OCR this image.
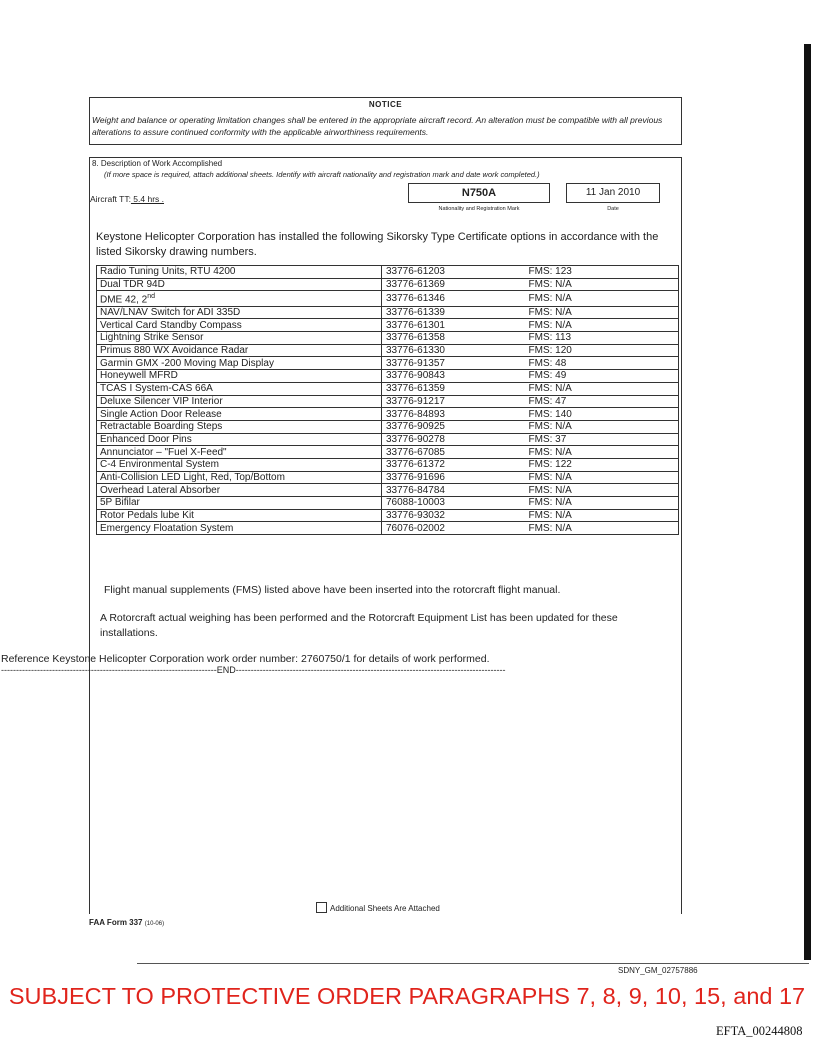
NOTICE
Weight and balance or operating limitation changes shall be entered in the appropriate aircraft record. An alteration must be compatible with all previous alterations to assure continued conformity with the applicable airworthiness requirements.
8. Description of Work Accomplished
(If more space is required, attach additional sheets. Identify with aircraft nationality and registration mark and date work completed.)
Aircraft TT: 5.4 hrs .	N750A
Nationality and Registration Mark
11 Jan 2010
Date
Keystone Helicopter Corporation has installed the following Sikorsky Type Certificate options in accordance with the listed Sikorsky drawing numbers.
Radio Tuning Units, RTU 4200	33776-61203	FMS: 123
Dual TDR 94D	33776-61369	FMS: N/A
DME 42, 2nd	33776-61346	FMS: N/A
NAV/LNAV Switch for ADI 335D	33776-61339	FMS: N/A
Vertical Card Standby Compass	33776-61301	FMS: N/A
Lightning Strike Sensor	33776-61358	FMS: 113
Primus 880 WX Avoidance Radar	33776-61330	FMS: 120
Garmin GMX -200 Moving Map Display	33776-91357	FMS: 48
Honeywell MFRD	33776-90843	FMS: 49
TCAS I System-CAS 66A	33776-61359	FMS: N/A
Deluxe Silencer VIP Interior	33776-91217	FMS: 47
Single Action Door Release	33776-84893	FMS: 140
Retractable Boarding Steps	33776-90925	FMS: N/A
Enhanced Door Pins	33776-90278	FMS: 37
Annunciator – "Fuel X-Feed"	33776-67085	FMS: N/A
C-4 Environmental System	33776-61372	FMS: 122
Anti-Collision LED Light, Red, Top/Bottom	33776-91696	FMS: N/A
Overhead Lateral Absorber	33776-84784	FMS: N/A
5P Bifilar	76088-10003	FMS: N/A
Rotor Pedals lube Kit	33776-93032	FMS: N/A
Emergency Floatation System	76076-02002	FMS: N/A
Flight manual supplements (FMS) listed above have been inserted into the rotorcraft flight manual.
A Rotorcraft actual weighing has been performed and the Rotorcraft Equipment List has been updated for these installations.
Reference Keystone Helicopter Corporation work order number: 2760750/1 for details of work performed.
------------------------------------------------------------------------END------------------------------------------------------------------------------------------
Additional Sheets Are Attached
FAA Form 337 (10-06)
SDNY_GM_02757886
SUBJECT TO PROTECTIVE ORDER PARAGRAPHS 7, 8, 9, 10, 15, and 17
EFTA_00244808
